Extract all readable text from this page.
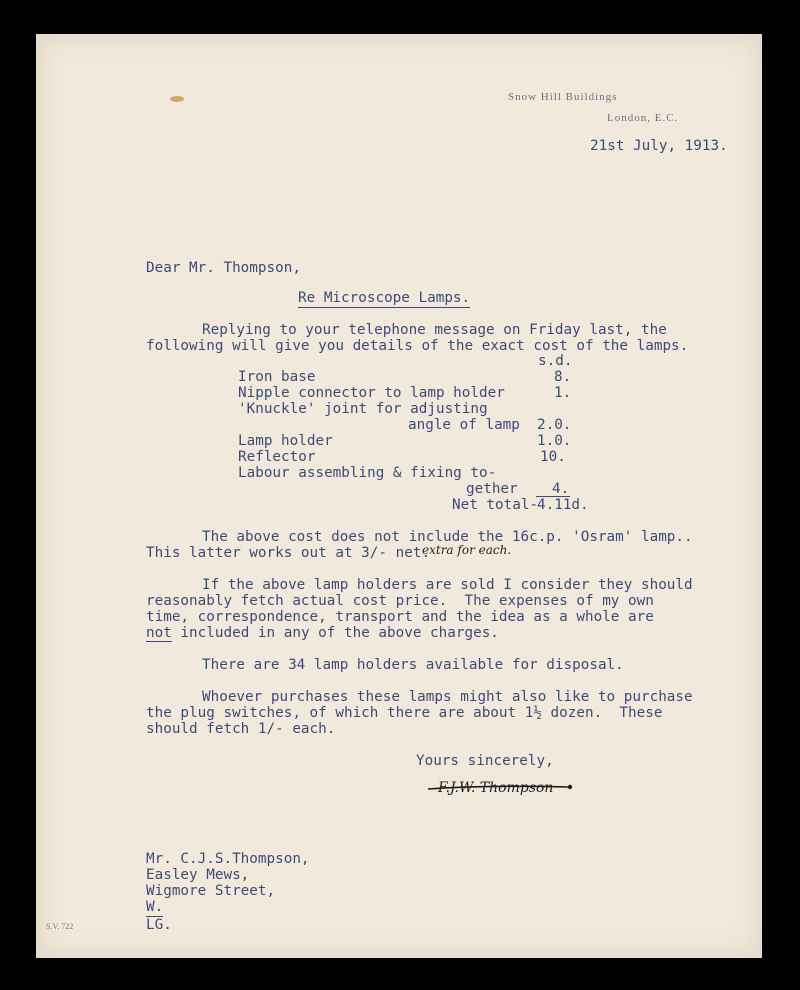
Snow Hill Buildings
London, E.C.
21st July, 1913.
Dear Mr. Thompson,
Re Microscope Lamps.
Replying to your telephone message on Friday last, the
following will give you details of the exact cost of the lamps.
s.d.
Iron base	8.
Nipple connector to lamp holder	1.
'Knuckle' joint for adjusting
angle of lamp 2.0.
Lamp holder	1.0.
Reflector	10.
Labour assembling & fixing to-
gether 4.
Net total-
4.11d.
The above cost does not include the 16c.p. 'Osram' lamp..
This latter works out at 3/- net.
extra for each.
If the above lamp holders are sold I consider they should
reasonably fetch actual cost price.  The expenses of my own
time, correspondence, transport and the idea as a whole are
not included in any of the above charges.
There are 34 lamp holders available for disposal.
Whoever purchases these lamps might also like to purchase
the plug switches, of which there are about 1½ dozen.  These
should fetch 1/- each.
Yours sincerely,
F.J.W. Thompson
Mr. C.J.S.Thompson,
Easley Mews,
Wigmore Street,
W.
S.V. 722	LG.
